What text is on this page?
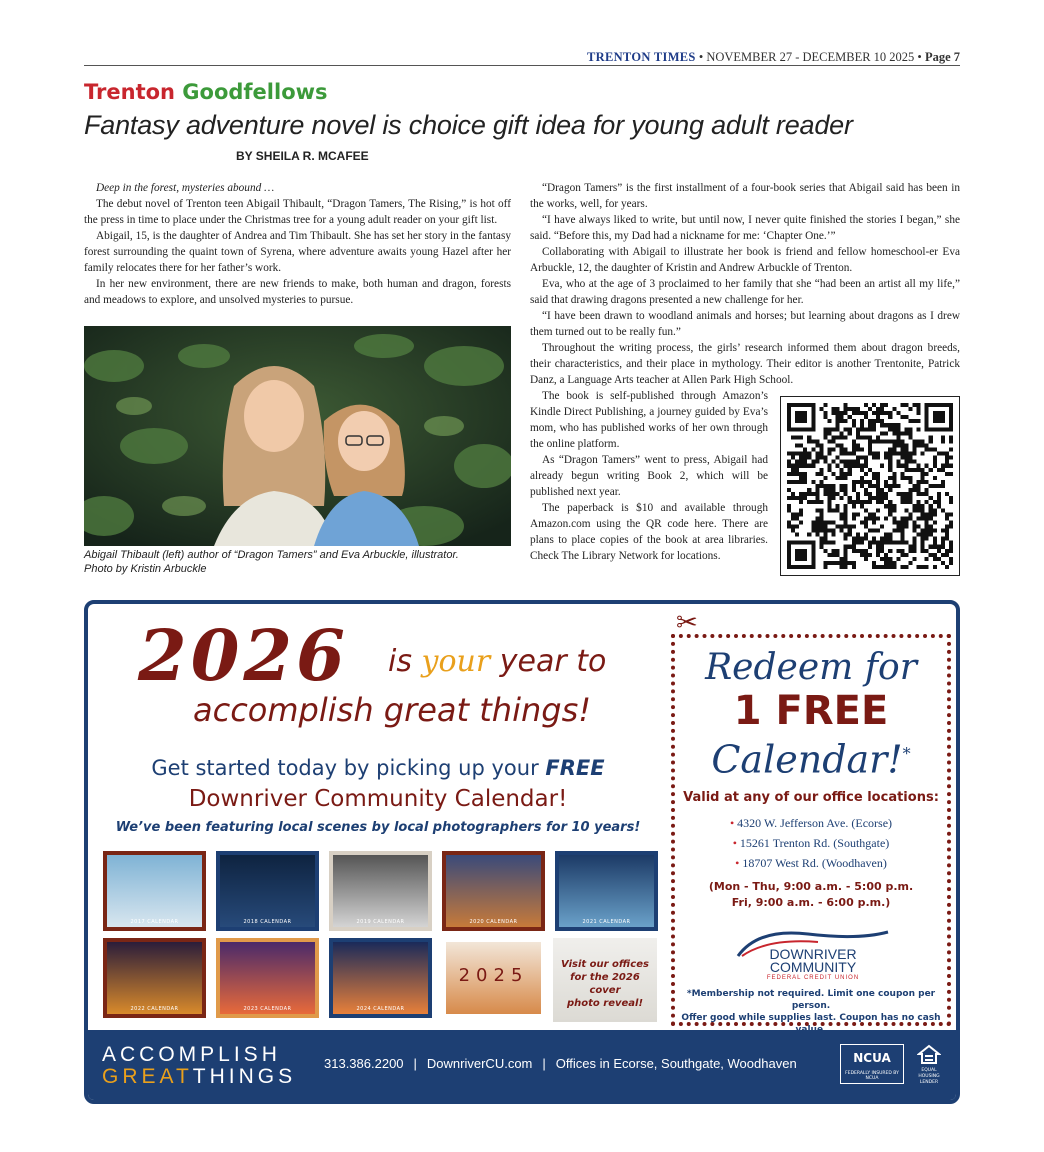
TRENTON TIMES • NOVEMBER 27 - DECEMBER 10 2025 • Page 7
Trenton Goodfellows
Fantasy adventure novel is choice gift idea for young adult reader
BY SHEILA R. MCAFEE

Deep in the forest, mysteries abound …

The debut novel of Trenton teen Abigail Thibault, “Dragon Tamers, The Rising,” is hot off the press in time to place under the Christmas tree for a young adult reader on your gift list.

Abigail, 15, is the daughter of Andrea and Tim Thibault. She has set her story in the fantasy forest surrounding the quaint town of Syrena, where adventure awaits young Hazel after her family relocates there for her father’s work.

In her new environment, there are new friends to make, both human and dragon, forests and meadows to explore, and unsolved mysteries to pursue.

Abigail Thibault (left) author of “Dragon Tamers” and Eva Arbuckle, illustrator.
Photo by Kristin Arbuckle

“Dragon Tamers” is the first installment of a four-book series that Abigail said has been in the works, well, for years.

“I have always liked to write, but until now, I never quite finished the stories I began,” she said. “Before this, my Dad had a nickname for me: ‘Chapter One.’”

Collaborating with Abigail to illustrate her book is friend and fellow homeschool-er Eva Arbuckle, 12, the daughter of Kristin and Andrew Arbuckle of Trenton.

Eva, who at the age of 3 proclaimed to her family that she “had been an artist all my life,” said that drawing dragons presented a new challenge for her.

“I have been drawn to woodland animals and horses; but learning about dragons as I drew them turned out to be really fun.”

Throughout the writing process, the girls’ research informed them about dragon breeds, their characteristics, and their place in mythology. Their editor is another Trentonite, Patrick Danz, a Language Arts teacher at Allen Park High School.

The book is self-published through Amazon’s Kindle Direct Publishing, a journey guided by Eva’s mom, who has published works of her own through the online platform.

As “Dragon Tamers” went to press, Abigail had already begun writing Book 2, which will be published next year.

The paperback is $10 and available through Amazon.com using the QR code here. There are plans to place copies of the book at area libraries. Check The Library Network for locations.

2026 is your year to
accomplish great things!
Get started today by picking up your FREE
Downriver Community Calendar!
We’ve been featuring local scenes by local photographers for 10 years!
2017 CALENDAR	2018 CALENDAR	2019 CALENDAR	2020 CALENDAR	2021 CALENDAR
2022 CALENDAR	2023 CALENDAR	2024 CALENDAR
2025
Visit our offices
for the 2026 cover
photo reveal!
✂
Redeem for
1 FREE
Calendar!*
Valid at any of our office locations:
• 4320 W. Jefferson Ave. (Ecorse)
• 15261 Trenton Rd. (Southgate)
• 18707 West Rd. (Woodhaven)
(Mon - Thu, 9:00 a.m. - 5:00 p.m.
Fri, 9:00 a.m. - 6:00 p.m.)
DOWNRIVER
COMMUNITY
FEDERAL CREDIT UNION
*Membership not required. Limit one coupon per person.
Offer good while supplies last. Coupon has no cash
ACCOMPLISH
GREATTHINGS
313.386.2200 | DownriverCU.com | Offices in Ecorse, Southgate, Woodhaven	NCUA
FEDERALLY INSURED BY NCUA
EQUAL HOUSING LENDER
